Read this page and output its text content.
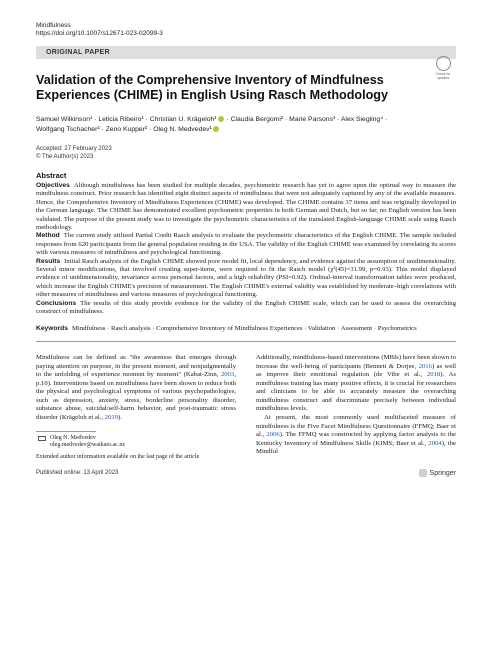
Mindfulness
https://doi.org/10.1007/s12671-023-02099-3
ORIGINAL PAPER
Check for updates
Validation of the Comprehensive Inventory of Mindfulness Experiences (CHIME) in English Using Rasch Methodology
Samuel Wilkinson¹ · Leticia Ribeiro¹ · Christian U. Krägeloh¹ · Claudia Bergomi² · Marie Parsons³ · Alex Siegling⁴ ·
Wolfgang Tschacher² · Zeno Kupper² · Oleg N. Medvedev¹
Accepted: 27 February 2023
© The Author(s) 2023
Abstract

Objectives Although mindfulness has been studied for multiple decades, psychometric research has yet to agree upon the optimal way to measure the mindfulness construct. Prior research has identified eight distinct aspects of mindfulness that were not adequately captured by any of the available measures. Hence, the Comprehensive Inventory of Mindfulness Experiences (CHIME) was developed. The CHIME contains 37 items and was originally developed in the German language. The CHIME has demonstrated excellent psychometric properties in both German and Dutch, but so far, no English version has been validated. The purpose of the present study was to investigate the psychometric characteristics of the translated English-language CHIME scale using Rasch methodology.

Method The current study utilized Partial Credit Rasch analysis to evaluate the psychometric characteristics of the English CHIME. The sample included responses from 620 participants from the general population residing in the USA. The validity of the English CHIME was examined by correlating its scores with various measures of mindfulness and psychological functioning.

Results Initial Rasch analysis of the English CHIME showed poor model fit, local dependency, and evidence against the assumption of unidimensionality. Several minor modifications, that involved creating super-items, were required to fit the Rasch model (χ²(45)=31.99, p=0.93). This model displayed evidence of unidimensionality, invariance across personal factors, and a high reliability (PSI=0.92). Ordinal-interval transformation tables were produced, which increase the English CHIME's precision of measurement. The English CHIME's external validity was established by moderate–high correlations with other measures of mindfulness and various measures of psychological functioning.

Conclusions The results of this study provide evidence for the validity of the English CHIME scale, which can be used to assess the overarching construct of mindfulness.

Keywords Mindfulness · Rasch analysis · Comprehensive Inventory of Mindfulness Experiences · Validation · Assessment · Psychometrics

Mindfulness can be defined as "the awareness that emerges through paying attention on purpose, in the present moment, and nonjudgmentally to the unfolding of experience moment by moment" (Kabat-Zinn, 2003, p.10). Interventions based on mindfulness have been shown to reduce both the physical and psychological symptoms of various psychopathologies, such as depression, anxiety, stress, borderline personality disorder, substance abuse, suicidal/self-harm behavior, and post-traumatic stress disorder (Krägeloh et al., 2019).

Oleg N. Medvedev
oleg.medvedev@waikato.ac.nz
Extended author information available on the last page of the article

Additionally, mindfulness-based interventions (MBIs) have been shown to increase the well-being of participants (Bennett & Dorjee, 2016) as well as improve their emotional regulation (de Vibe et al., 2018). As mindfulness training has many positive effects, it is crucial for researchers and clinicians to be able to accurately measure the overarching mindfulness construct and discriminate precisely between individual mindfulness levels.

At present, the most commonly used multifaceted measure of mindfulness is the Five Facet Mindfulness Questionnaire (FFMQ; Baer et al., 2006). The FFMQ was constructed by applying factor analysis to the Kentucky Inventory of Mindfulness Skills (KIMS; Baer et al., 2004), the Mindful

Published online: 13 April 2023	Springer
